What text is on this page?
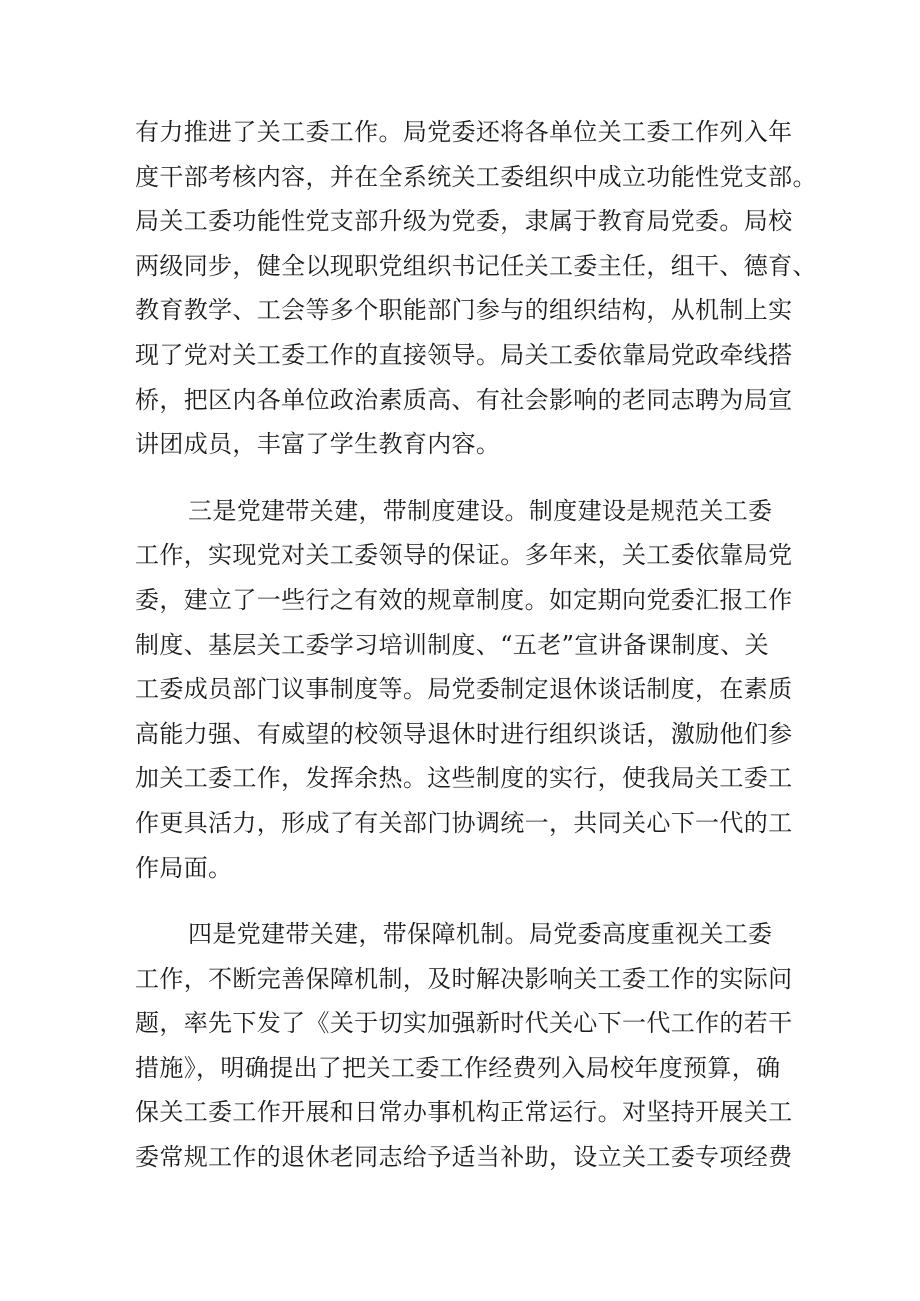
有力推进了关工委工作。局党委还将各单位关工委工作列入年
度干部考核内容，并在全系统关工委组织中成立功能性党支部。
局关工委功能性党支部升级为党委，隶属于教育局党委。局校
两级同步，健全以现职党组织书记任关工委主任，组干、德育、
教育教学、工会等多个职能部门参与的组织结构，从机制上实
现了党对关工委工作的直接领导。局关工委依靠局党政牵线搭
桥，把区内各单位政治素质高、有社会影响的老同志聘为局宣
讲团成员，丰富了学生教育内容。
三是党建带关建，带制度建设。制度建设是规范关工委
工作，实现党对关工委领导的保证。多年来，关工委依靠局党
委，建立了一些行之有效的规章制度。如定期向党委汇报工作
制度、基层关工委学习培训制度、“五老”宣讲备课制度、关
工委成员部门议事制度等。局党委制定退休谈话制度，在素质
高能力强、有威望的校领导退休时进行组织谈话，激励他们参
加关工委工作，发挥余热。这些制度的实行，使我局关工委工
作更具活力，形成了有关部门协调统一，共同关心下一代的工
作局面。
四是党建带关建，带保障机制。局党委高度重视关工委
工作，不断完善保障机制，及时解决影响关工委工作的实际问
题，率先下发了《关于切实加强新时代关心下一代工作的若干
措施》，明确提出了把关工委工作经费列入局校年度预算，确
保关工委工作开展和日常办事机构正常运行。对坚持开展关工
委常规工作的退休老同志给予适当补助，设立关工委专项经费
